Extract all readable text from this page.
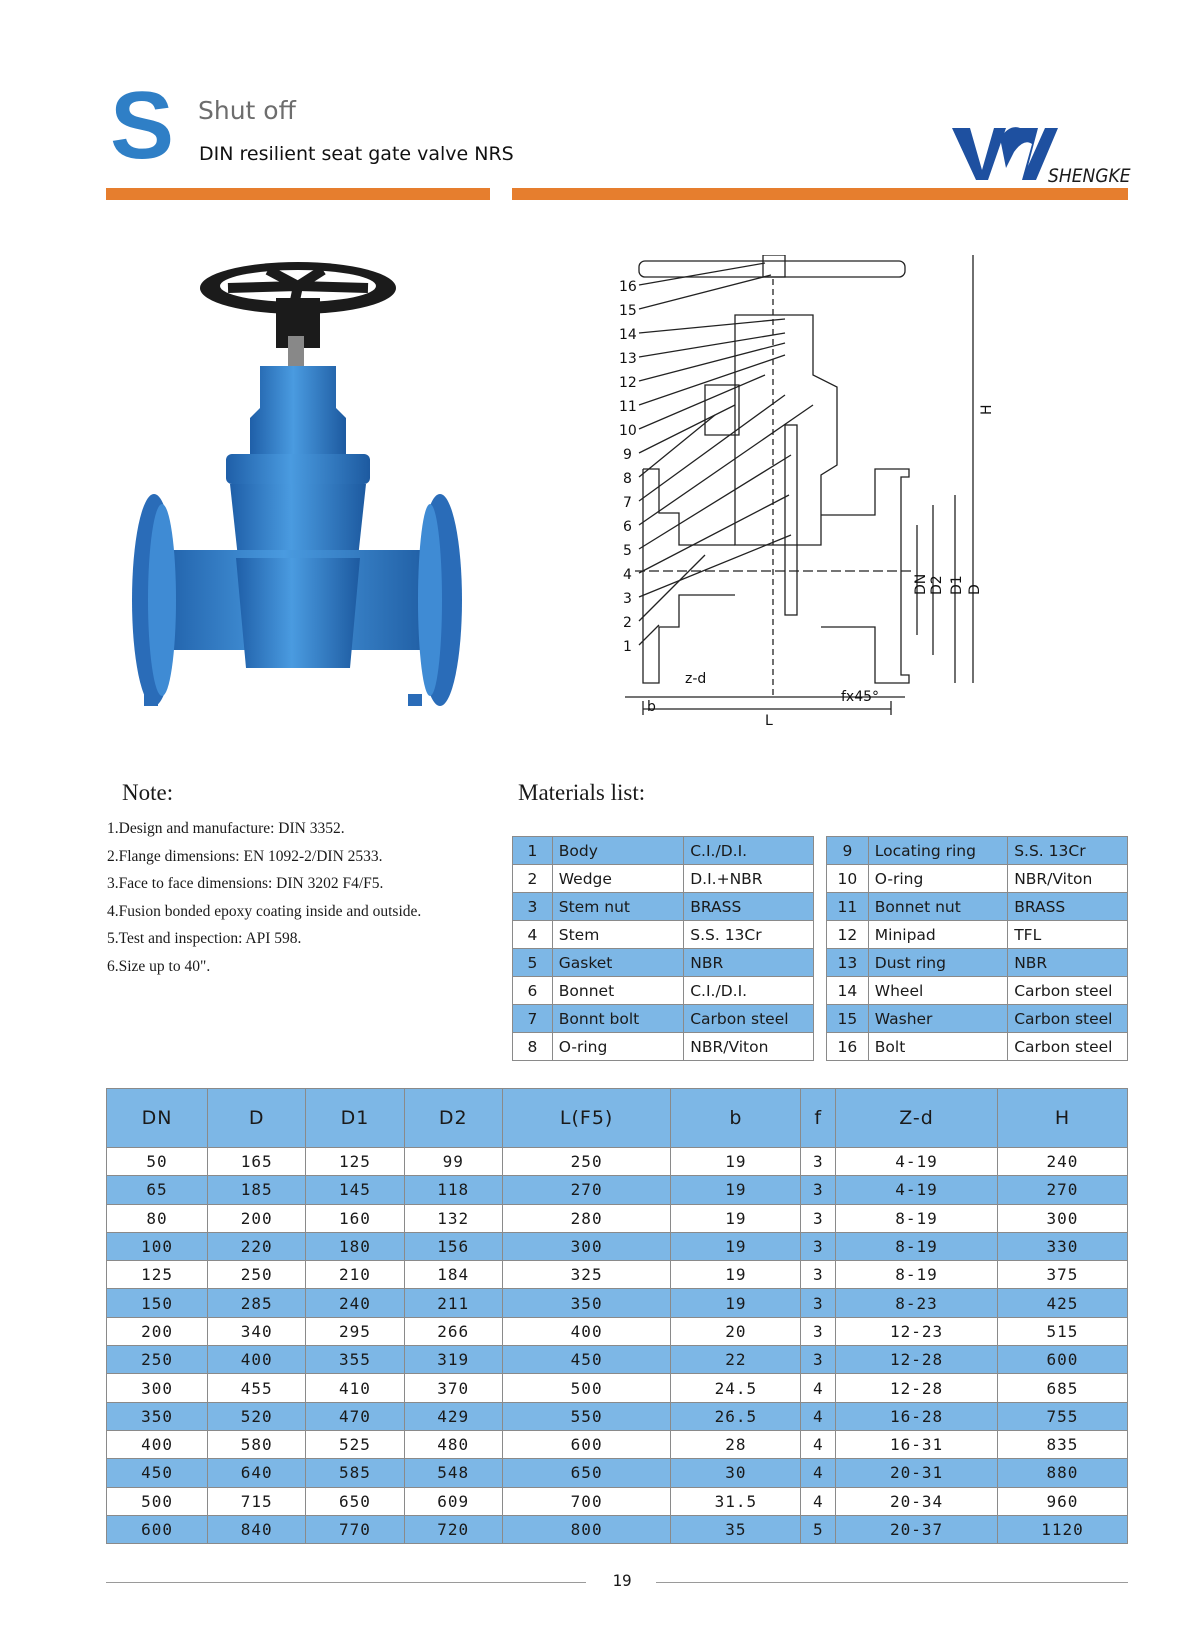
S Shut off
DIN resilient seat gate valve NRS
SHENGKE
16
15
14
13
12
11
10
9
8
7
6
5
4
3
2
1
z-d
fx45°
b
L
H
DN D2 D1 D
Note:
1.Design and manufacture: DIN 3352.
2.Flange dimensions: EN 1092-2/DIN 2533.
3.Face to face dimensions: DIN 3202 F4/F5.
4.Fusion bonded epoxy coating inside and outside.
5.Test and inspection: API 598.
6.Size up to 40".
Materials list:
1	Body	C.I./D.I.
2	Wedge	D.I.+NBR
3	Stem nut	BRASS
4	Stem	S.S. 13Cr
5	Gasket	NBR
6	Bonnet	C.I./D.I.
7	Bonnt bolt	Carbon steel
8	O-ring	NBR/Viton
9	Locating ring	S.S. 13Cr
10	O-ring	NBR/Viton
11	Bonnet nut	BRASS
12	Minipad	TFL
13	Dust ring	NBR
14	Wheel	Carbon steel
15	Washer	Carbon steel
16	Bolt	Carbon steel
DN	D	D1	D2	L(F5)	b	f	Z-d	H
50	165	125	99	250	19	3	4-19	240
65	185	145	118	270	19	3	4-19	270
80	200	160	132	280	19	3	8-19	300
100	220	180	156	300	19	3	8-19	330
125	250	210	184	325	19	3	8-19	375
150	285	240	211	350	19	3	8-23	425
200	340	295	266	400	20	3	12-23	515
250	400	355	319	450	22	3	12-28	600
300	455	410	370	500	24.5	4	12-28	685
350	520	470	429	550	26.5	4	16-28	755
400	580	525	480	600	28	4	16-31	835
450	640	585	548	650	30	4	20-31	880
500	715	650	609	700	31.5	4	20-34	960
600	840	770	720	800	35	5	20-37	1120
19
